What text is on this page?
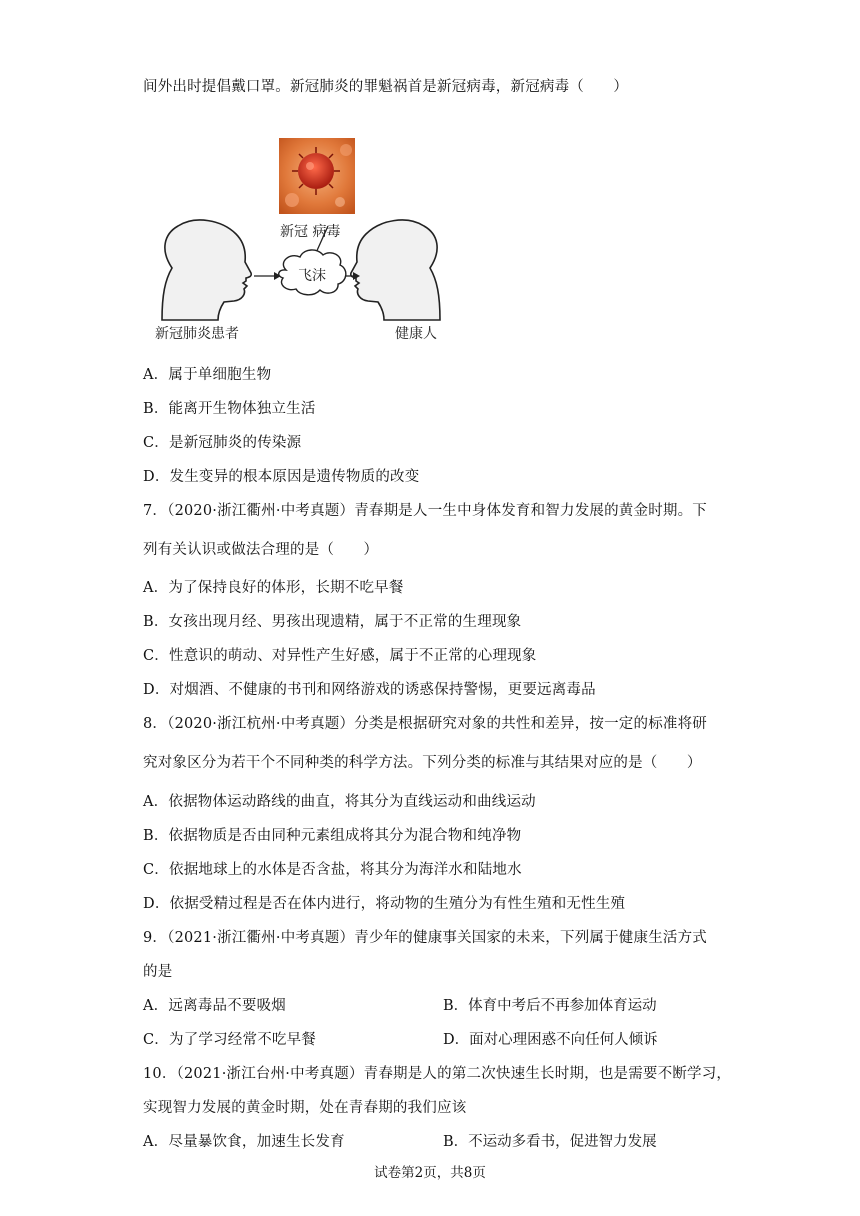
间外出时提倡戴口罩。新冠肺炎的罪魁祸首是新冠病毒，新冠病毒（　　）
新冠 病毒
飞沫
新冠肺炎患者	健康人
A．属于单细胞生物
B．能离开生物体独立生活
C．是新冠肺炎的传染源
D．发生变异的根本原因是遗传物质的改变
7．（2020·浙江衢州·中考真题）青春期是人一生中身体发育和智力发展的黄金时期。下
列有关认识或做法合理的是（　　）
A．为了保持良好的体形，长期不吃早餐
B．女孩出现月经、男孩出现遗精，属于不正常的生理现象
C．性意识的萌动、对异性产生好感，属于不正常的心理现象
D．对烟酒、不健康的书刊和网络游戏的诱惑保持警惕，更要远离毒品
8．（2020·浙江杭州·中考真题）分类是根据研究对象的共性和差异，按一定的标准将研
究对象区分为若干个不同种类的科学方法。下列分类的标准与其结果对应的是（　　）
A．依据物体运动路线的曲直，将其分为直线运动和曲线运动
B．依据物质是否由同种元素组成将其分为混合物和纯净物
C．依据地球上的水体是否含盐，将其分为海洋水和陆地水
D．依据受精过程是否在体内进行，将动物的生殖分为有性生殖和无性生殖
9．（2021·浙江衢州·中考真题）青少年的健康事关国家的未来，下列属于健康生活方式
的是
A．远离毒品不要吸烟	B．体育中考后不再参加体育运动
C．为了学习经常不吃早餐	D．面对心理困惑不向任何人倾诉
10．（2021·浙江台州·中考真题）青春期是人的第二次快速生长时期，也是需要不断学习，
实现智力发展的黄金时期，处在青春期的我们应该
A．尽量暴饮食，加速生长发育	B．不运动多看书，促进智力发展
试卷第2页，共8页
